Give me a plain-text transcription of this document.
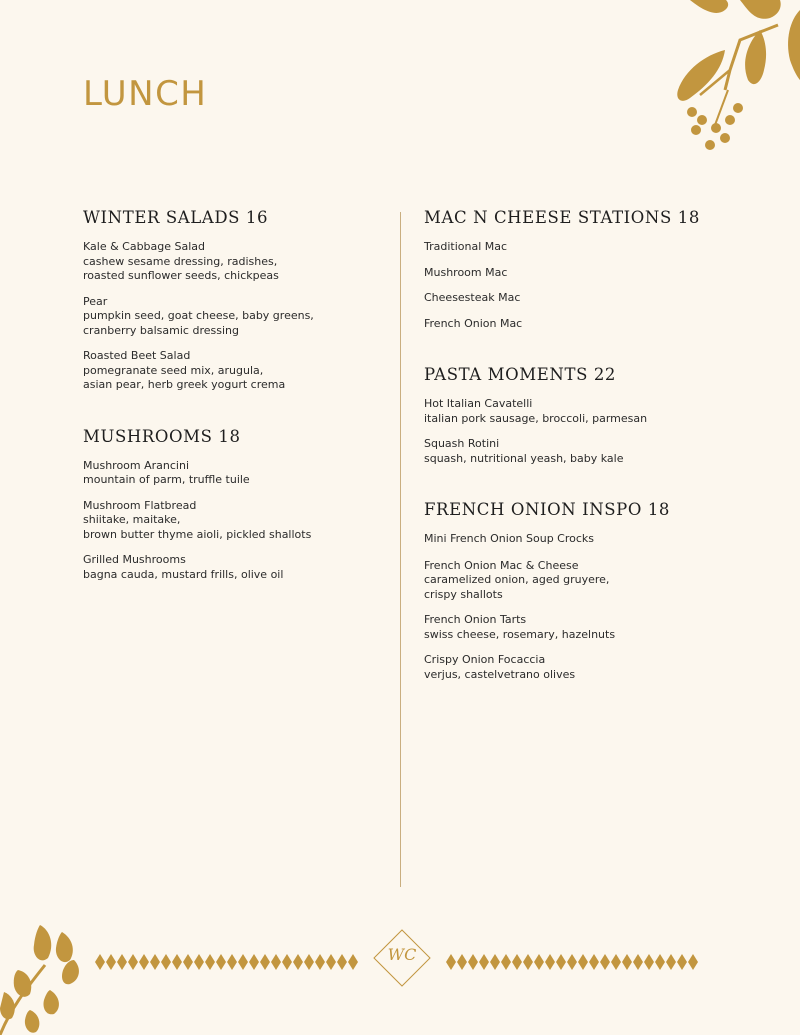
LUNCH
WINTER SALADS 16
Kale & Cabbage Salad
cashew sesame dressing, radishes,
roasted sunflower seeds, chickpeas
Pear
pumpkin seed, goat cheese, baby greens,
cranberry balsamic dressing
Roasted Beet Salad
pomegranate seed mix, arugula,
asian pear, herb greek yogurt crema
MUSHROOMS 18
Mushroom Arancini
mountain of parm, truffle tuile
Mushroom Flatbread
shiitake, maitake,
brown butter thyme aioli, pickled shallots
Grilled Mushrooms
bagna cauda, mustard frills, olive oil
MAC N CHEESE STATIONS 18
Traditional Mac
Mushroom Mac
Cheesesteak Mac
French Onion Mac
PASTA MOMENTS 22
Hot Italian Cavatelli
italian pork sausage, broccoli, parmesan
Squash Rotini
squash, nutritional yeash, baby kale
FRENCH ONION INSPO 18
Mini French Onion Soup Crocks
French Onion Mac & Cheese
caramelized onion, aged gruyere,
crispy shallots
French Onion Tarts
swiss cheese, rosemary, hazelnuts
Crispy Onion Focaccia
verjus, castelvetrano olives
WC
